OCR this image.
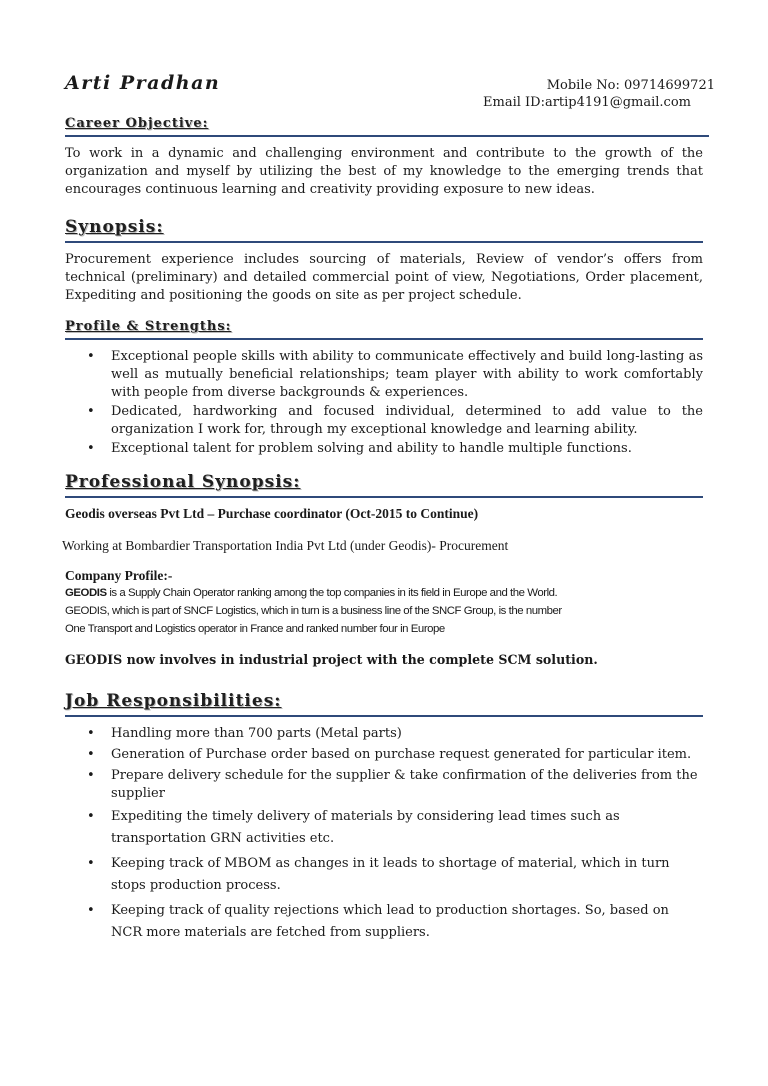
Arti Pradhan	Mobile No: 09714699721
Email ID:artip4191@gmail.com
Career Objective:

To work in a dynamic and challenging environment and contribute to the growth of the organization and myself by utilizing the best of my knowledge to the emerging trends that encourages continuous learning and creativity providing exposure to new ideas.

Synopsis:

Procurement experience includes sourcing of materials, Review of vendor’s offers from technical (preliminary) and detailed commercial point of view, Negotiations, Order placement, Expediting and positioning the goods on site as per project schedule.

Profile & Strengths:
• Exceptional people skills with ability to communicate effectively and build long-lasting as well as mutually beneficial relationships; team player with ability to work comfortably with people from diverse backgrounds & experiences.
• Dedicated, hardworking and focused individual, determined to add value to the organization I work for, through my exceptional knowledge and learning ability.
• Exceptional talent for problem solving and ability to handle multiple functions.
Professional Synopsis:
Geodis overseas Pvt Ltd – Purchase coordinator (Oct-2015 to Continue)
Working at Bombardier Transportation India Pvt Ltd (under Geodis)- Procurement
Company Profile:-
GEODIS is a Supply Chain Operator ranking among the top companies in its field in Europe and the World.
GEODIS, which is part of SNCF Logistics, which in turn is a business line of the SNCF Group, is the number
One Transport and Logistics operator in France and ranked number four in Europe
GEODIS now involves in industrial project with the complete SCM solution.
Job Responsibilities:
• Handling more than 700 parts (Metal parts)
• Generation of Purchase order based on purchase request generated for particular item.
• Prepare delivery schedule for the supplier & take confirmation of the deliveries from the supplier
• Expediting the timely delivery of materials by considering lead times such as transportation GRN activities etc.
• Keeping track of MBOM as changes in it leads to shortage of material, which in turn stops production process.
• Keeping track of quality rejections which lead to production shortages. So, based on NCR more materials are fetched from suppliers.
